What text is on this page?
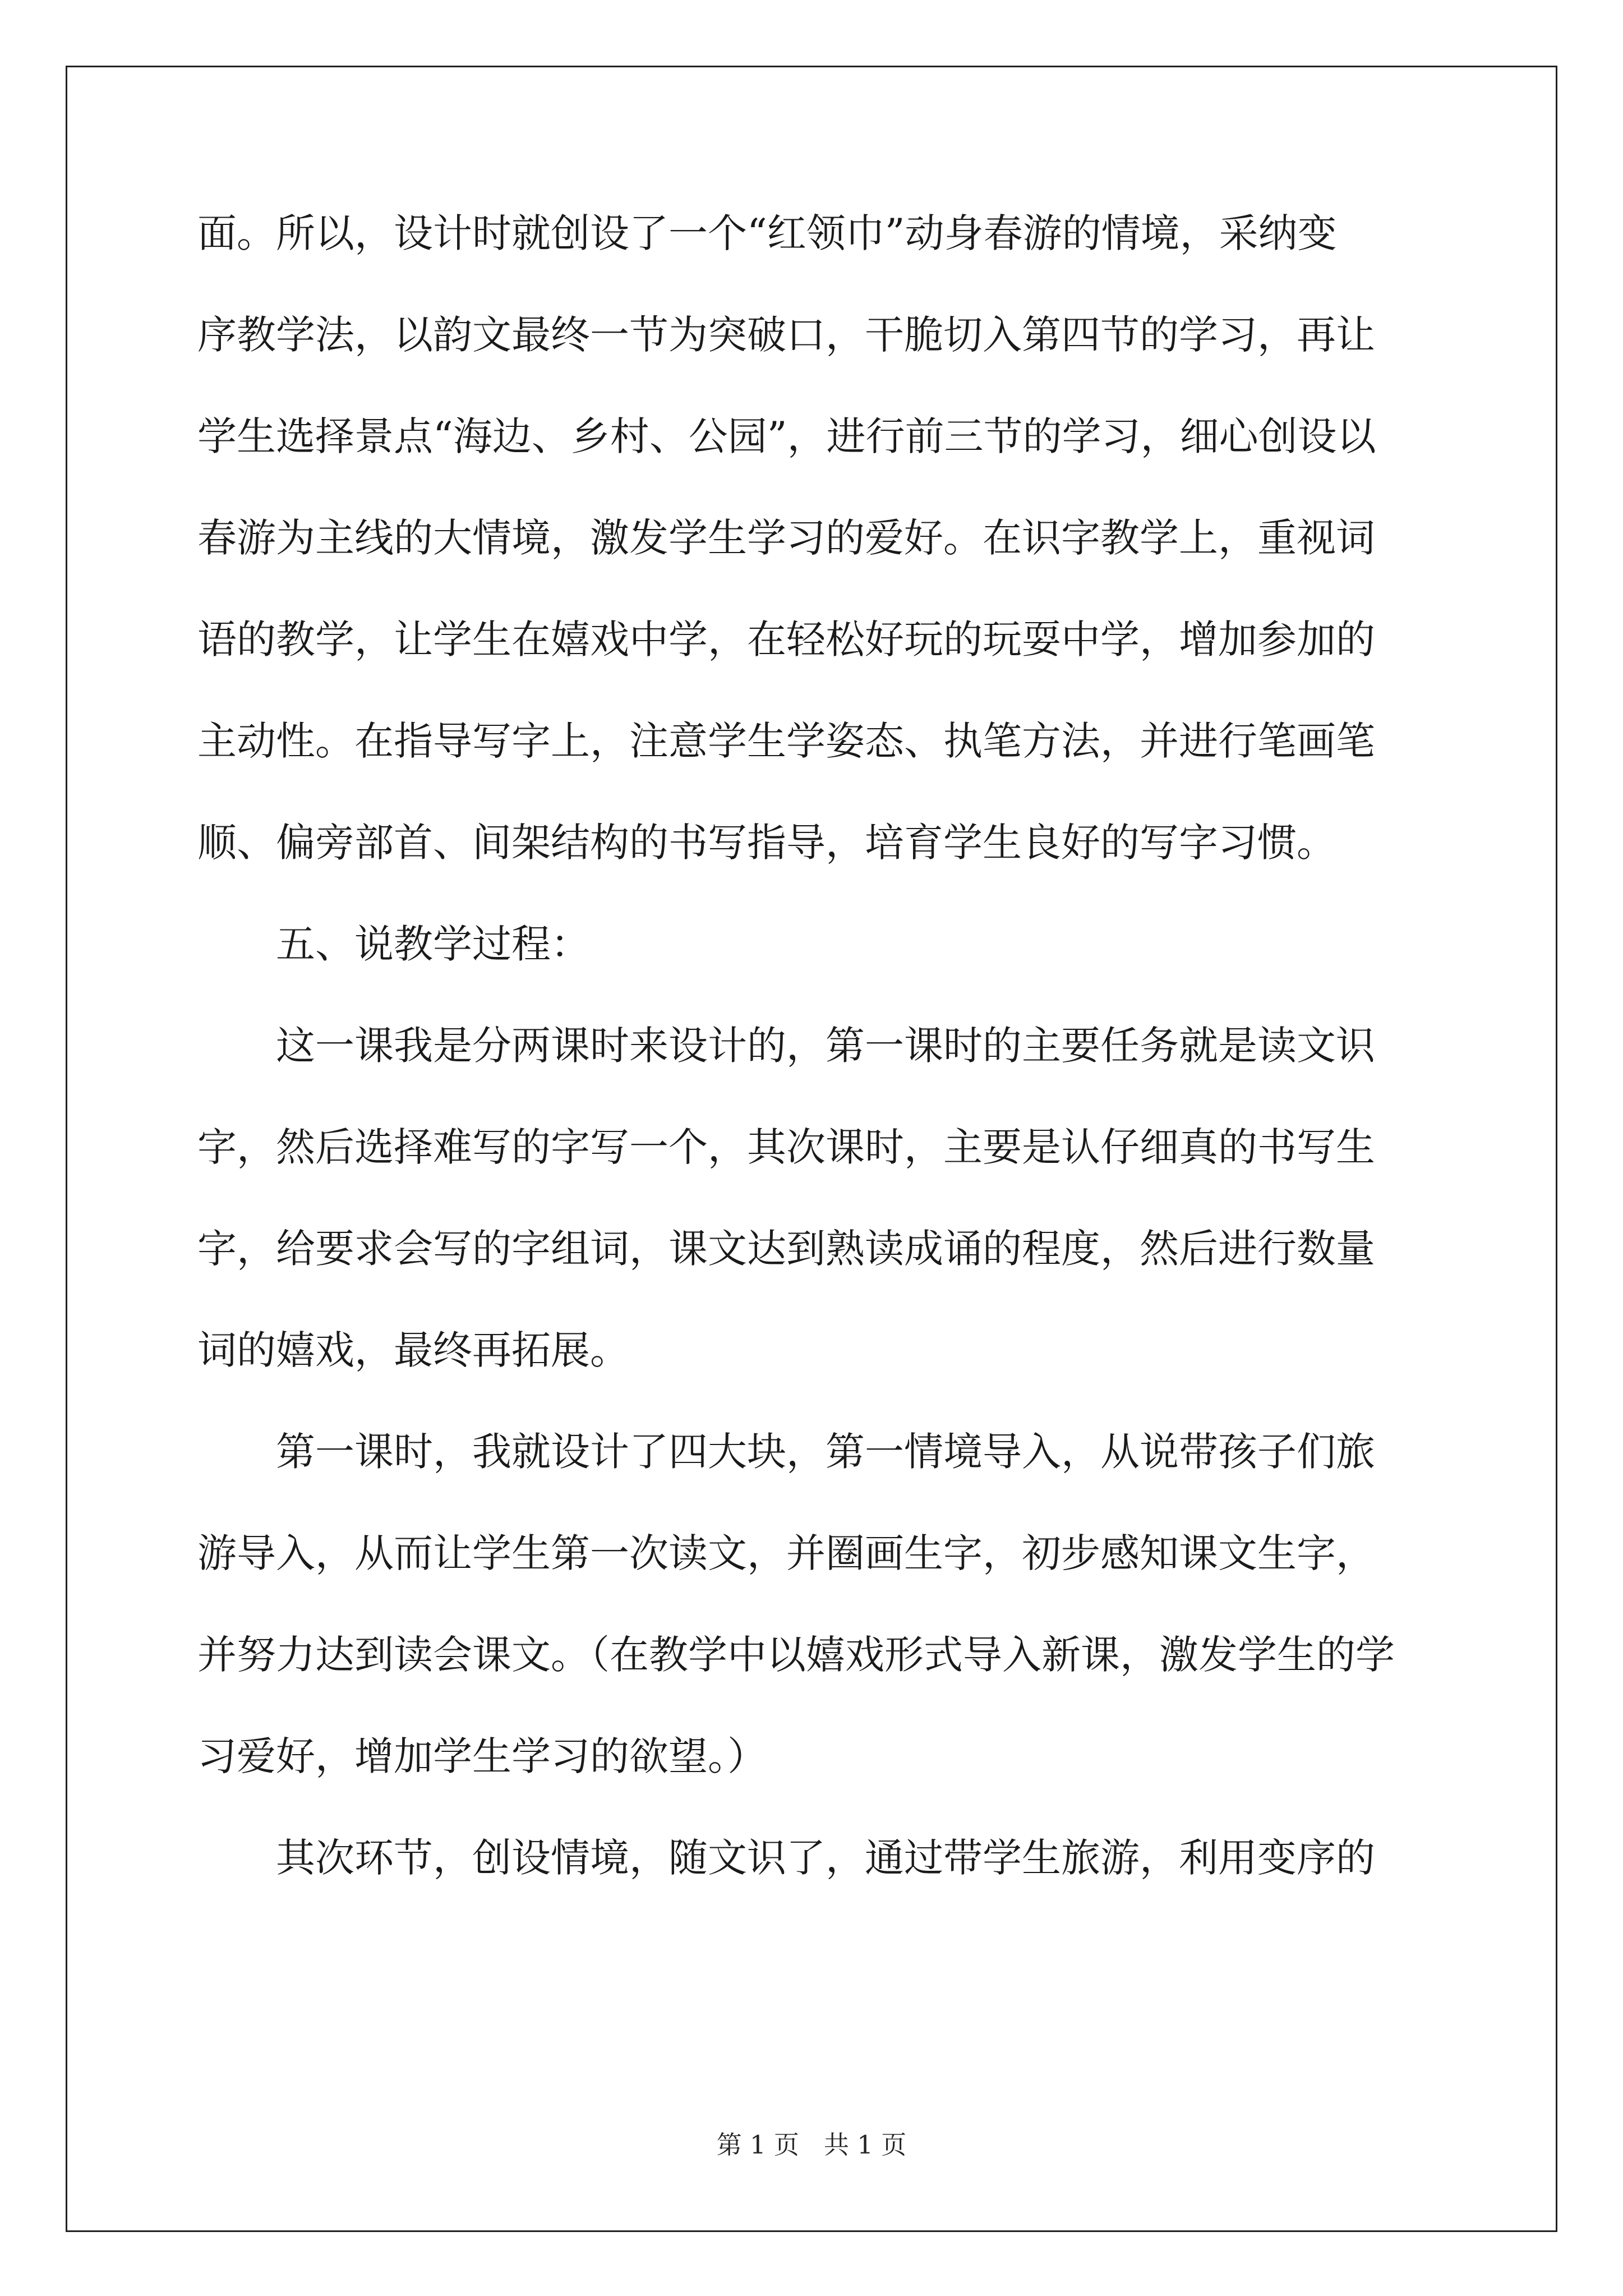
面。所以，设计时就创设了一个“红领巾”动身春游的情境，采纳变
序教学法，以韵文最终一节为突破口，干脆切入第四节的学习，再让
学生选择景点“海边、乡村、公园”，进行前三节的学习，细心创设以
春游为主线的大情境，激发学生学习的爱好。在识字教学上，重视词
语的教学，让学生在嬉戏中学，在轻松好玩的玩耍中学，增加参加的
主动性。在指导写字上，注意学生学姿态、执笔方法，并进行笔画笔
顺、偏旁部首、间架结构的书写指导，培育学生良好的写字习惯。
　　五、说教学过程：
　　这一课我是分两课时来设计的，第一课时的主要任务就是读文识
字，然后选择难写的字写一个，其次课时，主要是认仔细真的书写生
字，给要求会写的字组词，课文达到熟读成诵的程度，然后进行数量
词的嬉戏，最终再拓展。
　　第一课时，我就设计了四大块，第一情境导入，从说带孩子们旅
游导入，从而让学生第一次读文，并圈画生字，初步感知课文生字，
并努力达到读会课文。（在教学中以嬉戏形式导入新课，激发学生的学
习爱好，增加学生学习的欲望。）
　　其次环节，创设情境，随文识了，通过带学生旅游，利用变序的
第 1 页 共 1 页
